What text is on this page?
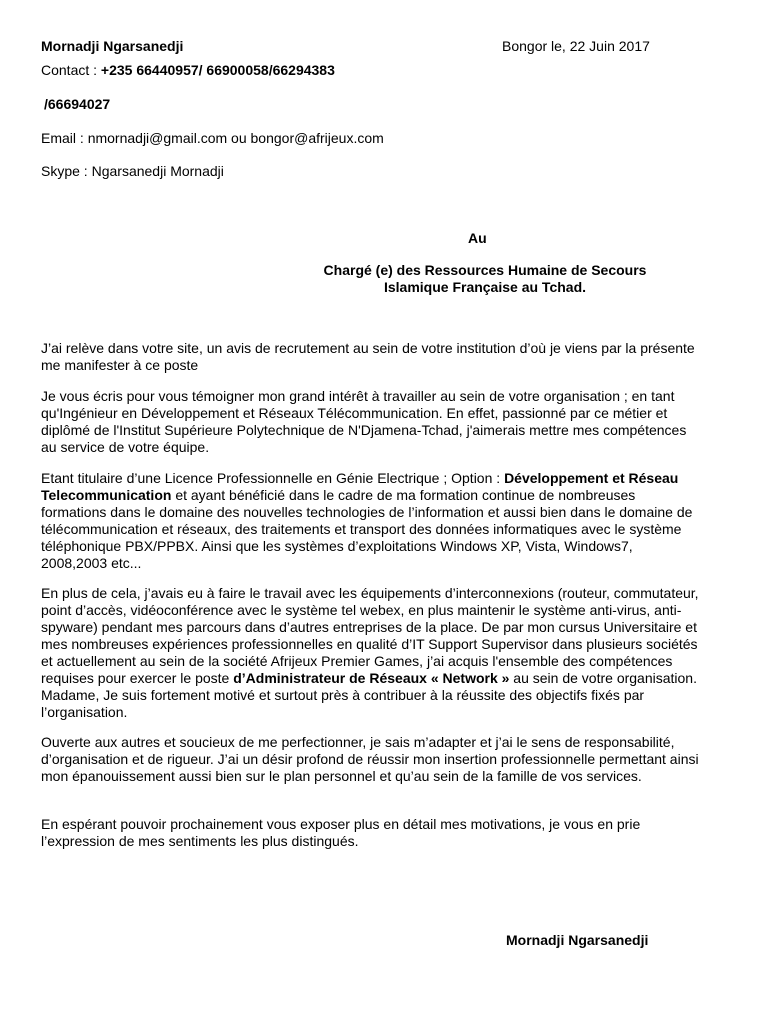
Mornadji Ngarsanedji	Bongor le, 22 Juin 2017
Contact : +235 66440957/ 66900058/66294383
/66694027
Email : nmornadji@gmail.com ou bongor@afrijeux.com
Skype : Ngarsanedji Mornadji
Au
Chargé (e) des Ressources Humaine de Secours
Islamique Française au Tchad.

J’ai relève dans votre site, un avis de recrutement au sein de votre institution d’où je viens par la présente me manifester à ce poste

Je vous écris pour vous témoigner mon grand intérêt à travailler au sein de votre organisation ; en tant qu'Ingénieur en Développement et Réseaux Télécommunication. En effet, passionné par ce métier et diplômé de l'Institut Supérieure Polytechnique de N'Djamena-Tchad, j'aimerais mettre mes compétences au service de votre équipe.

Etant titulaire d’une Licence Professionnelle en Génie Electrique ; Option : Développement et Réseau Telecommunication et ayant bénéficié dans le cadre de ma formation continue de nombreuses formations dans le domaine des nouvelles technologies de l’information et aussi bien dans le domaine de télécommunication et réseaux, des traitements et transport des données informatiques avec le système téléphonique PBX/PPBX. Ainsi que les systèmes d’exploitations Windows XP, Vista, Windows7, 2008,2003 etc...

En plus de cela, j’avais eu à faire le travail avec les équipements d’interconnexions (routeur, commutateur, point d’accès, vidéoconférence avec le système tel webex, en plus maintenir le système anti-virus, anti-spyware) pendant mes parcours dans d’autres entreprises de la place. De par mon cursus Universitaire et mes nombreuses expériences professionnelles en qualité d’IT Support Supervisor dans plusieurs sociétés et actuellement au sein de la société Afrijeux Premier Games, j’ai acquis l'ensemble des compétences requises pour exercer le poste d’Administrateur de Réseaux « Network » au sein de votre organisation. Madame, Je suis fortement motivé et surtout près à contribuer à la réussite des objectifs fixés par l’organisation.

Ouverte aux autres et soucieux de me perfectionner, je sais m’adapter et j’ai le sens de responsabilité, d’organisation et de rigueur. J’ai un désir profond de réussir mon insertion professionnelle permettant ainsi mon épanouissement aussi bien sur le plan personnel et qu’au sein de la famille de vos services.

En espérant pouvoir prochainement vous exposer plus en détail mes motivations, je vous en prie l’expression de mes sentiments les plus distingués.

Mornadji Ngarsanedji
